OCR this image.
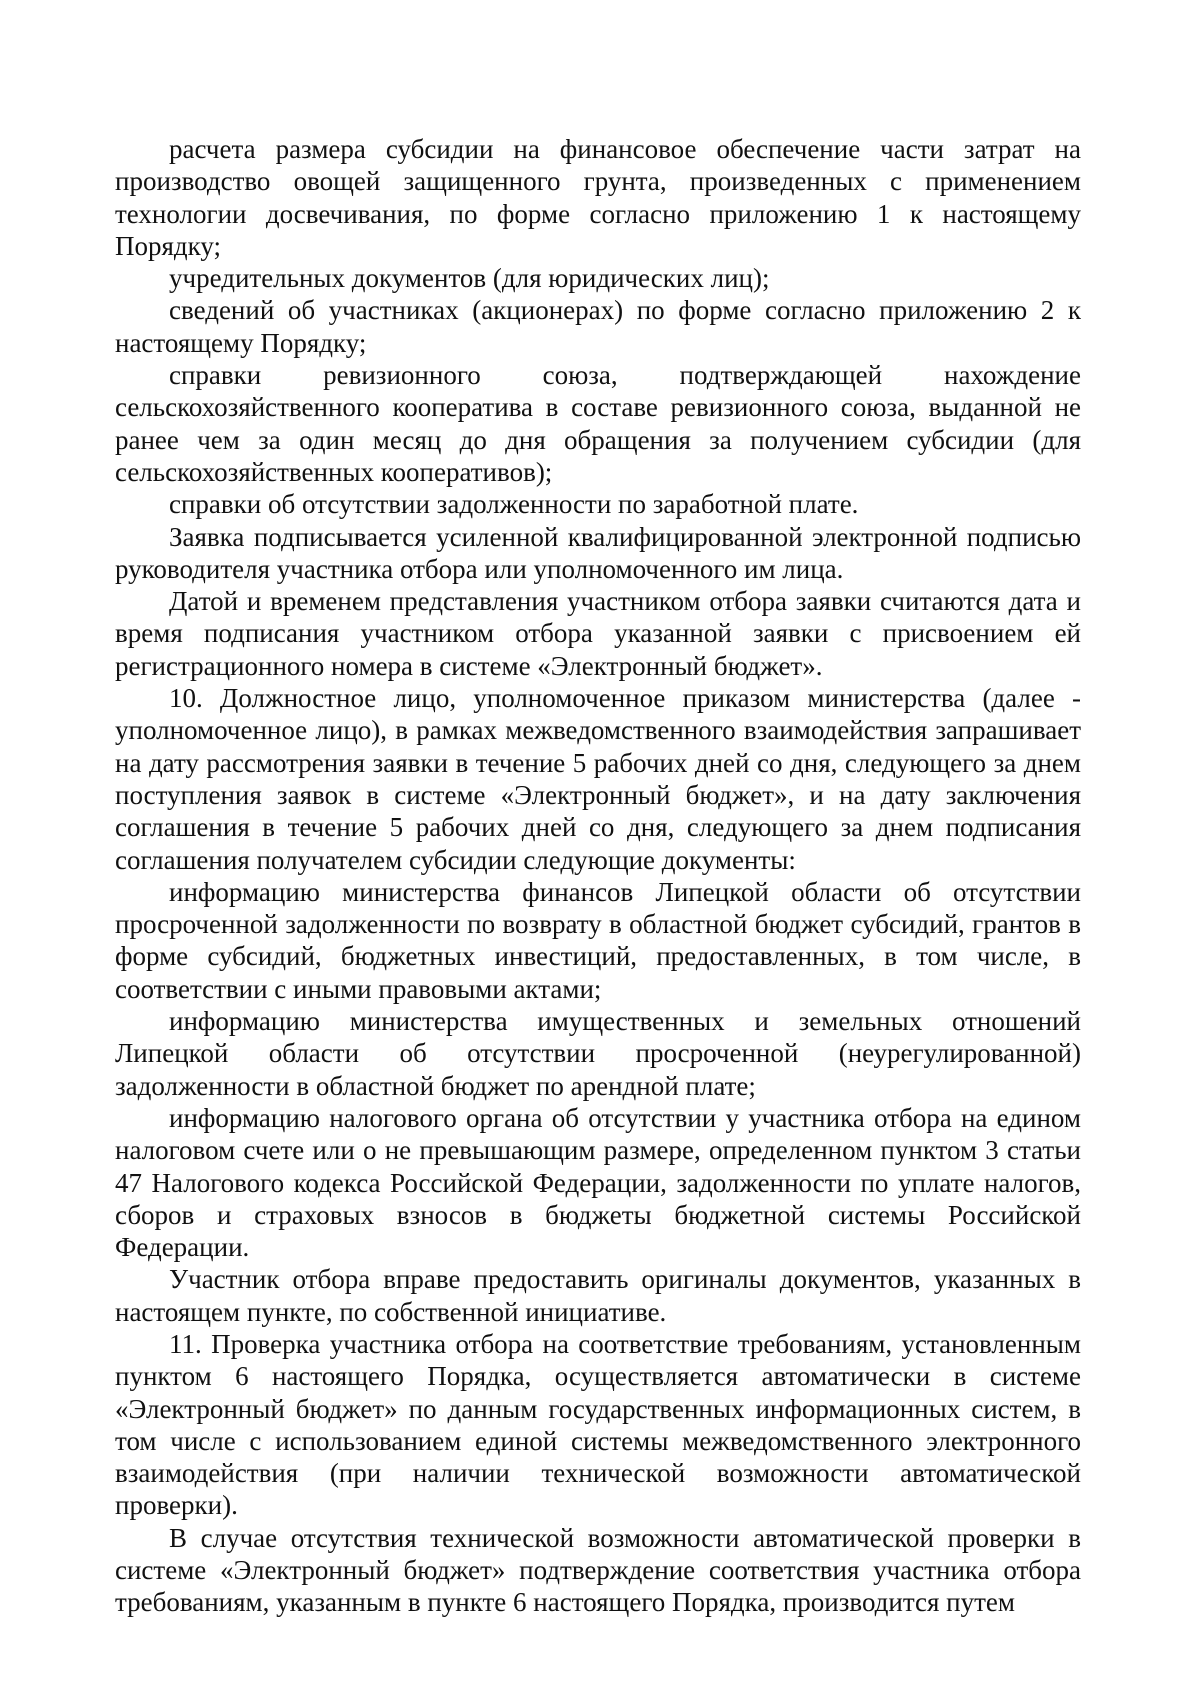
расчета размера субсидии на финансовое обеспечение части затрат на производство овощей защищенного грунта, произведенных с применением технологии досвечивания, по форме согласно приложению 1 к настоящему Порядку;

учредительных документов (для юридических лиц);

сведений об участниках (акционерах) по форме согласно приложению 2 к настоящему Порядку;

справки ревизионного союза, подтверждающей нахождение сельскохозяйственного кооператива в составе ревизионного союза, выданной не ранее чем за один месяц до дня обращения за получением субсидии (для сельскохозяйственных кооперативов);

справки об отсутствии задолженности по заработной плате.

Заявка подписывается усиленной квалифицированной электронной подписью руководителя участника отбора или уполномоченного им лица.

Датой и временем представления участником отбора заявки считаются дата и время подписания участником отбора указанной заявки с присвоением ей регистрационного номера в системе «Электронный бюджет».

10. Должностное лицо, уполномоченное приказом министерства (далее - уполномоченное лицо), в рамках межведомственного взаимодействия запрашивает на дату рассмотрения заявки в течение 5 рабочих дней со дня, следующего за днем поступления заявок в системе «Электронный бюджет», и на дату заключения соглашения в течение 5 рабочих дней со дня, следующего за днем подписания соглашения получателем субсидии следующие документы:

информацию министерства финансов Липецкой области об отсутствии просроченной задолженности по возврату в областной бюджет субсидий, грантов в форме субсидий, бюджетных инвестиций, предоставленных, в том числе, в соответствии с иными правовыми актами;

информацию министерства имущественных и земельных отношений Липецкой области об отсутствии просроченной (неурегулированной) задолженности в областной бюджет по арендной плате;

информацию налогового органа об отсутствии у участника отбора на едином налоговом счете или о не превышающим размере, определенном пунктом 3 статьи 47 Налогового кодекса Российской Федерации, задолженности по уплате налогов, сборов и страховых взносов в бюджеты бюджетной системы Российской Федерации.

Участник отбора вправе предоставить оригиналы документов, указанных в настоящем пункте, по собственной инициативе.

11. Проверка участника отбора на соответствие требованиям, установленным пунктом 6 настоящего Порядка, осуществляется автоматически в системе «Электронный бюджет» по данным государственных информационных систем, в том числе с использованием единой системы межведомственного электронного взаимодействия (при наличии технической возможности автоматической проверки).

В случае отсутствия технической возможности автоматической проверки в системе «Электронный бюджет» подтверждение соответствия участника отбора требованиям, указанным в пункте 6 настоящего Порядка, производится путем
